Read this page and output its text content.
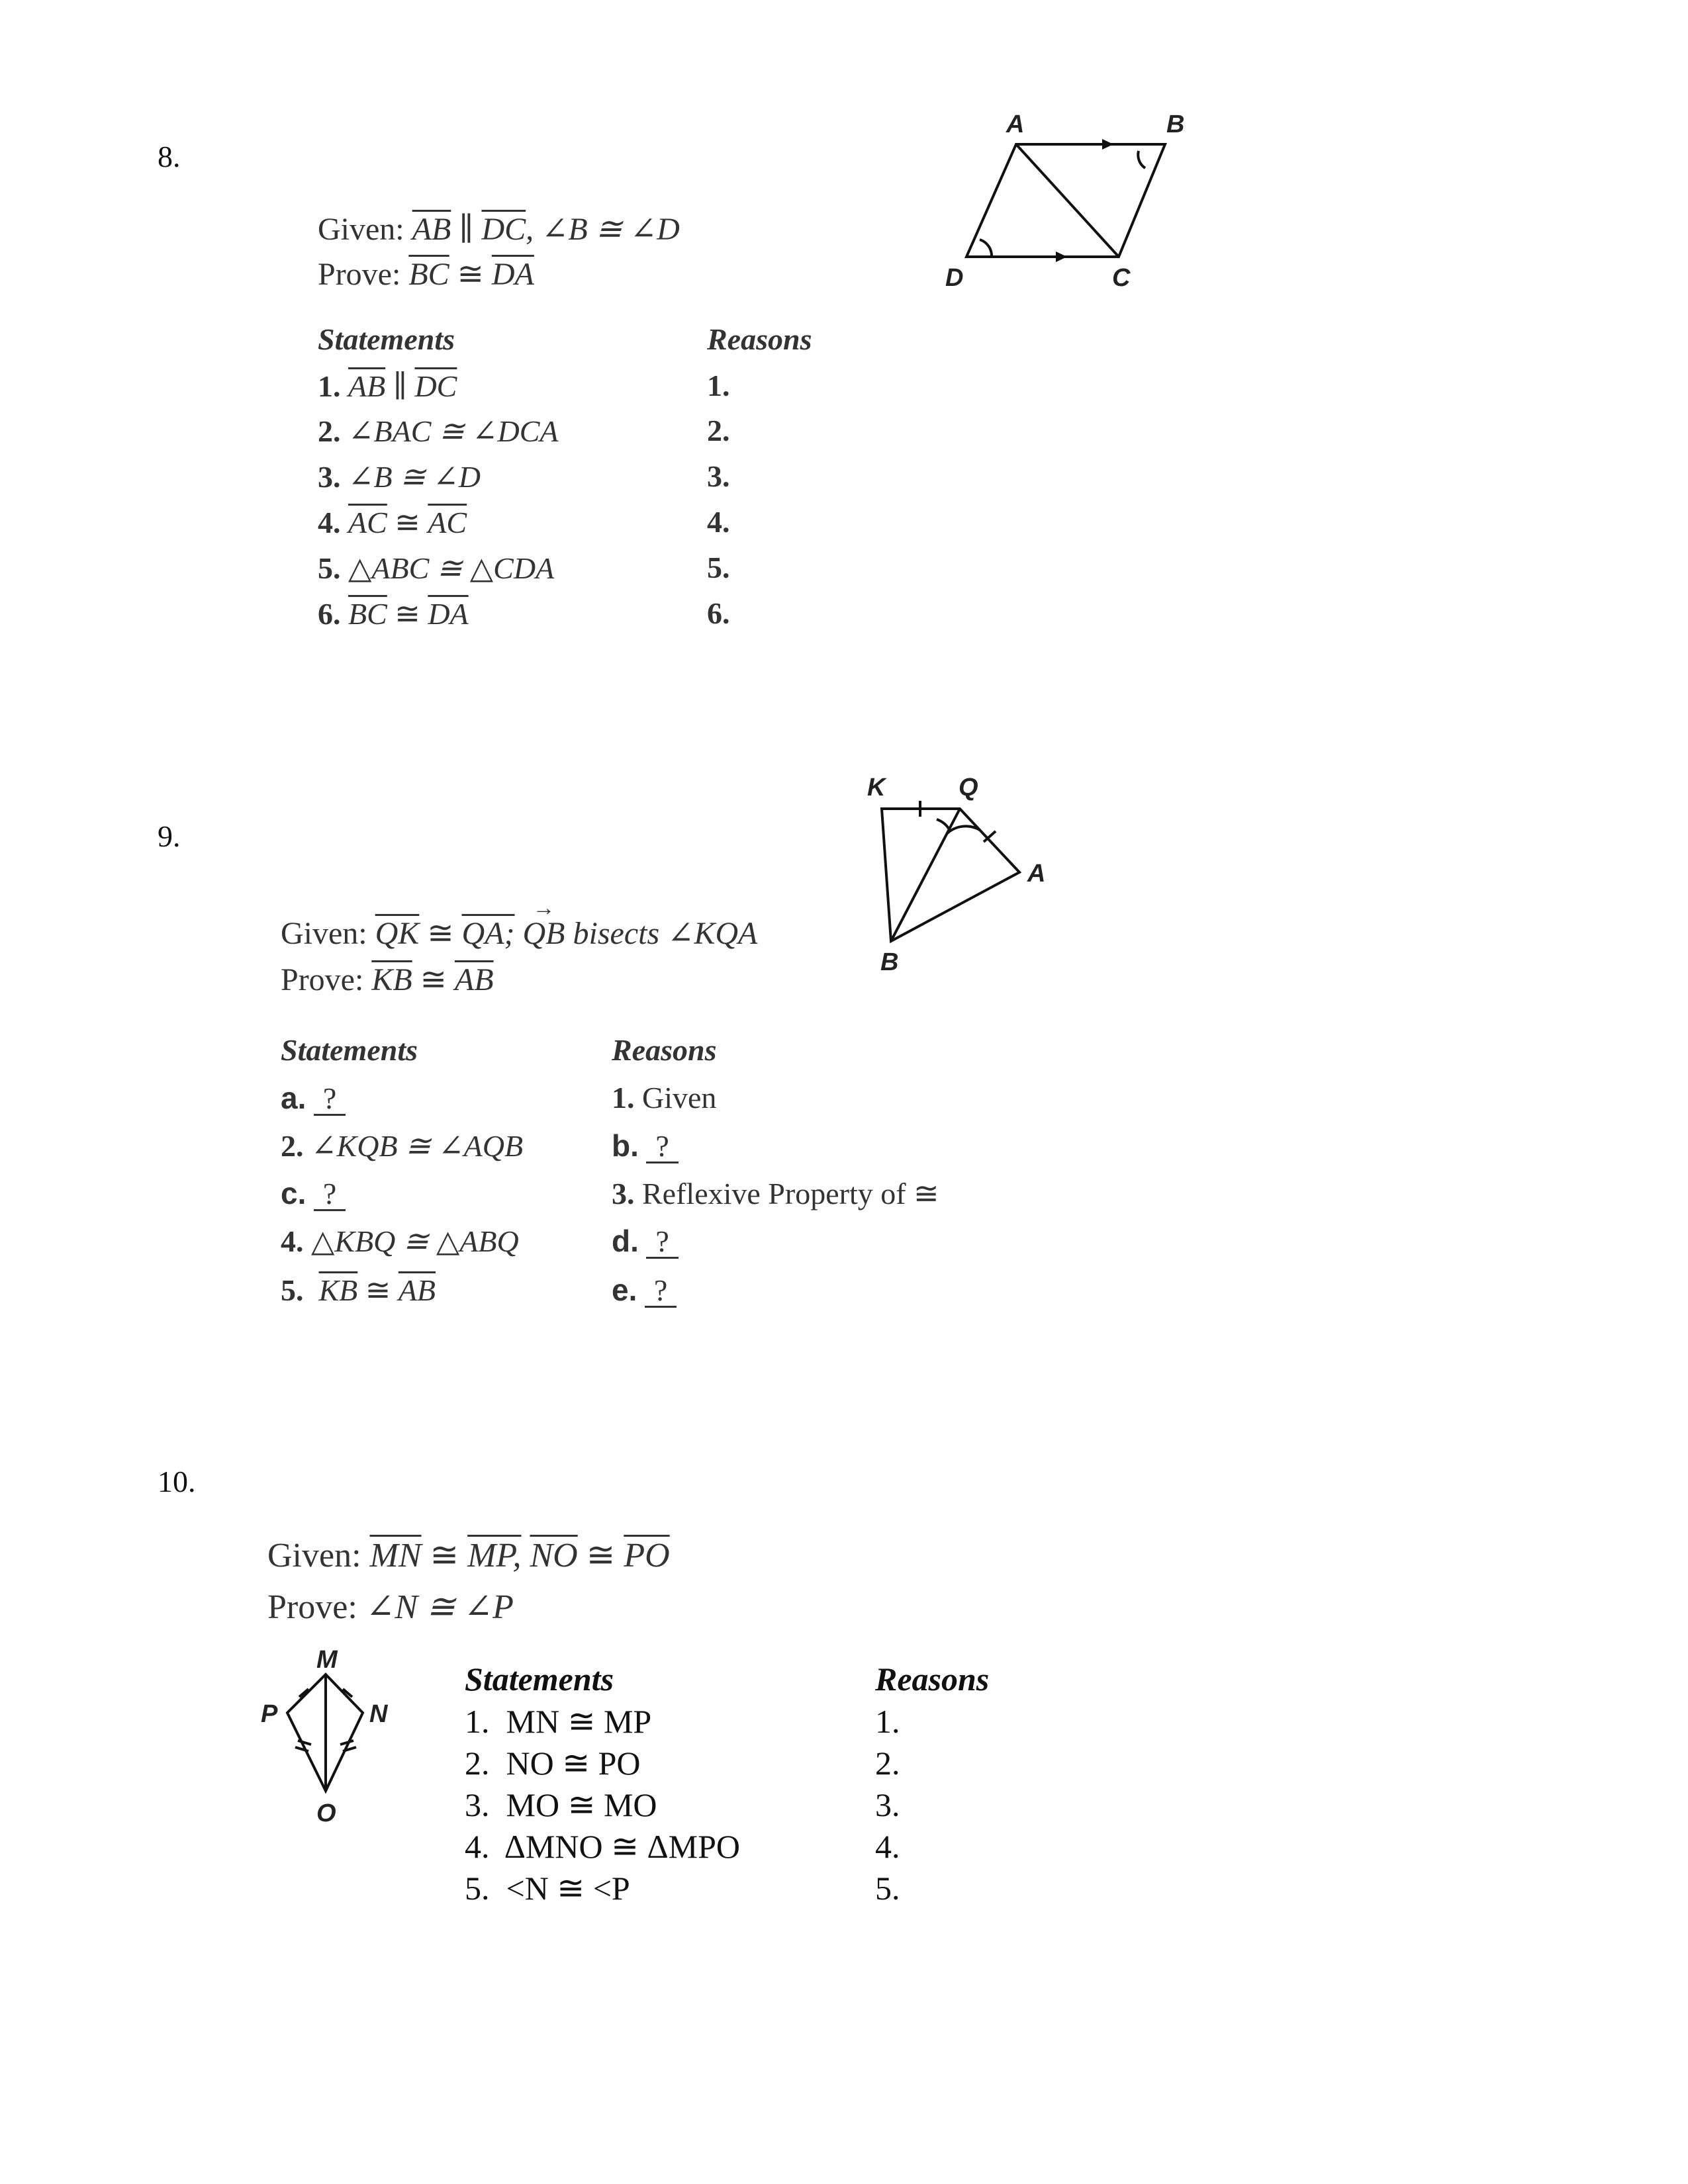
8.
Given: $\overline{AB}$ ∥ $\overline{DC}$, ∠B ≅ ∠D
Prove: $\overline{BC}$ ≅ $\overline{DA}$
Statements	Reasons
1. $\overline{AB}$ ∥ $\overline{DC}$	1.
2. ∠BAC ≅ ∠DCA	2.
3. ∠B ≅ ∠D	3.
4. $\overline{AC}$ ≅ $\overline{AC}$	4.
5. △ABC ≅ △CDA	5.
6. $\overline{BC}$ ≅ $\overline{DA}$	6.
A	B
C
D
9.
Given: $\overline{QK}$ ≅ QA; QB
→
bisects ∠KQA
Prove: $\overline{KB}$ ≅ $\overline{AB}$
Statements	Reasons
a. ?	1. Given
2. ∠KQB ≅ ∠AQB	b. ?
c. ?	3. Reflexive Property of ≅
4. △KBQ ≅ △ABQ	d. ?
5. $\overline{KB}$ ≅ $\overline{AB}$	e. ?
K	Q
A
B
10.
Given: $\overline{MN}$ ≅ MP, $\overline{NO}$ ≅ $\overline{PO}$
Prove: ∠N ≅ ∠P
Statements	Reasons
1.  MN ≅ MP	1.
2.  NO ≅ PO	2.
3.  MO ≅ MO	3.
4.  ΔMNO ≅ ΔMPO	4.
5.  <N ≅ <P	5.
M
N
P
O
